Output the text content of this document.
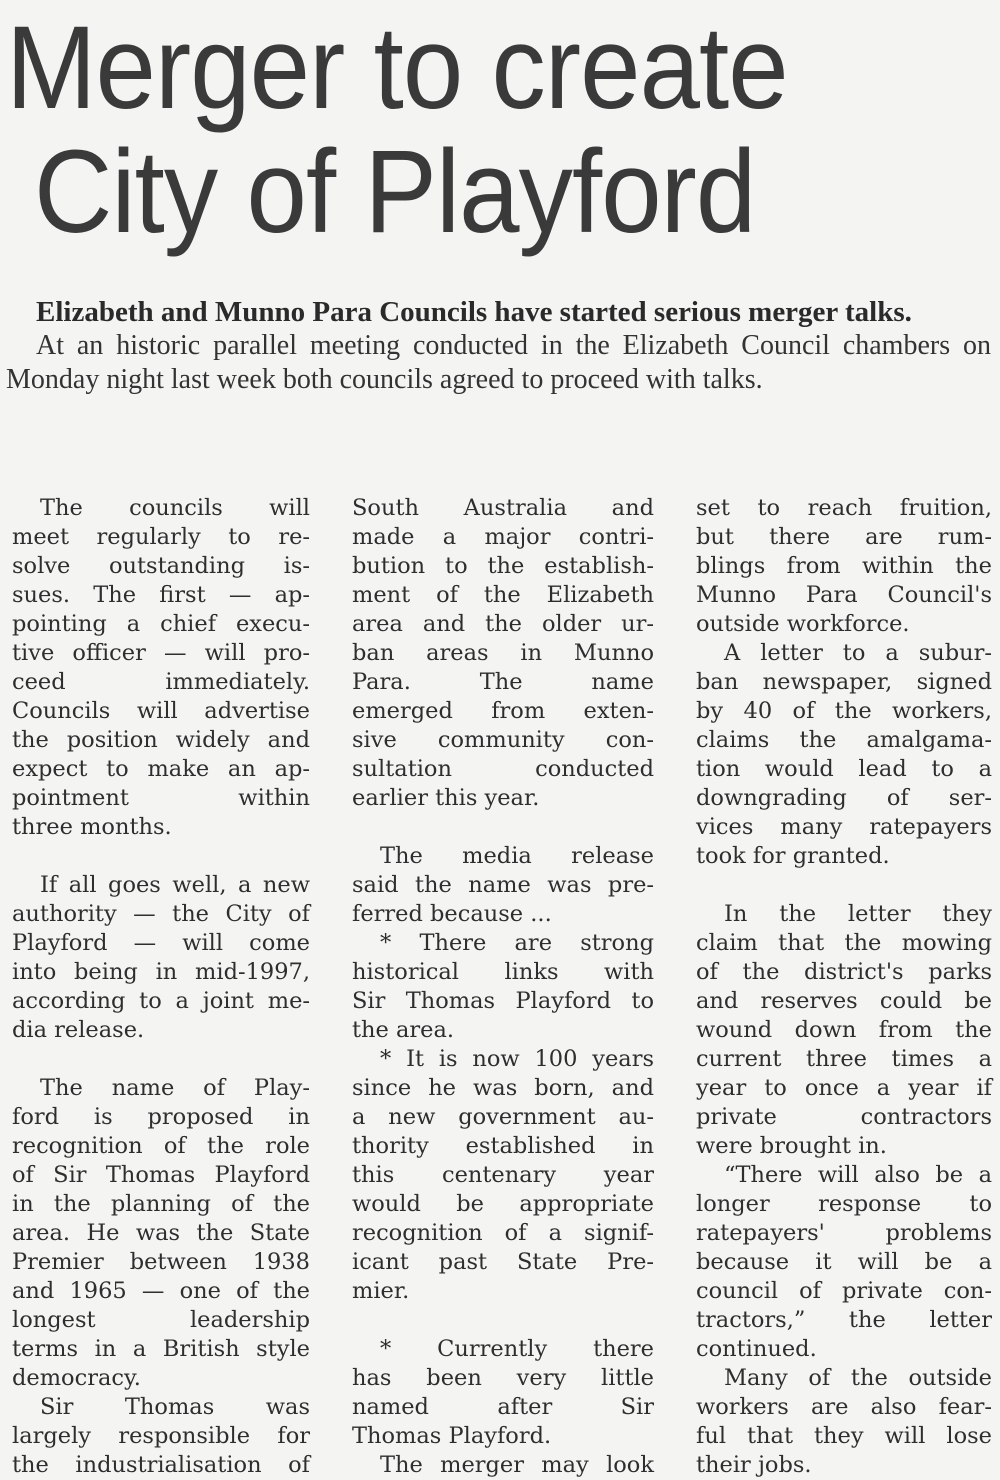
Merger to create
City of Playford
Elizabeth and Munno Para Councils have started serious merger talks.
At an historic parallel meeting conducted in the Elizabeth Council chambers on Monday night last week both councils agreed to proceed with talks.
The councils will
meet regularly to re-
solve outstanding is-
sues. The first — ap-
pointing a chief execu-
tive officer — will pro-
ceed immediately.
Councils will advertise
the position widely and
expect to make an ap-
pointment within
three months.
If all goes well, a new
authority — the City of
Playford — will come
into being in mid-1997,
according to a joint me-
dia release.
The name of Play-
ford is proposed in
recognition of the role
of Sir Thomas Playford
in the planning of the
area. He was the State
Premier between 1938
and 1965 — one of the
longest leadership
terms in a British style
democracy.
Sir Thomas was
largely responsible for
the industrialisation of
South Australia and
made a major contri-
bution to the establish-
ment of the Elizabeth
area and the older ur-
ban areas in Munno
Para. The name
emerged from exten-
sive community con-
sultation conducted
earlier this year.
The media release
said the name was pre-
ferred because ...
* There are strong
historical links with
Sir Thomas Playford to
the area.
* It is now 100 years
since he was born, and
a new government au-
thority established in
this centenary year
would be appropriate
recognition of a signif-
icant past State Pre-
mier.
* Currently there
has been very little
named after Sir
Thomas Playford.
The merger may look
set to reach fruition,
but there are rum-
blings from within the
Munno Para Council's
outside workforce.
A letter to a subur-
ban newspaper, signed
by 40 of the workers,
claims the amalgama-
tion would lead to a
downgrading of ser-
vices many ratepayers
took for granted.
In the letter they
claim that the mowing
of the district's parks
and reserves could be
wound down from the
current three times a
year to once a year if
private contractors
were brought in.
“There will also be a
longer response to
ratepayers' problems
because it will be a
council of private con-
tractors,” the letter
continued.
Many of the outside
workers are also fear-
ful that they will lose
their jobs.
